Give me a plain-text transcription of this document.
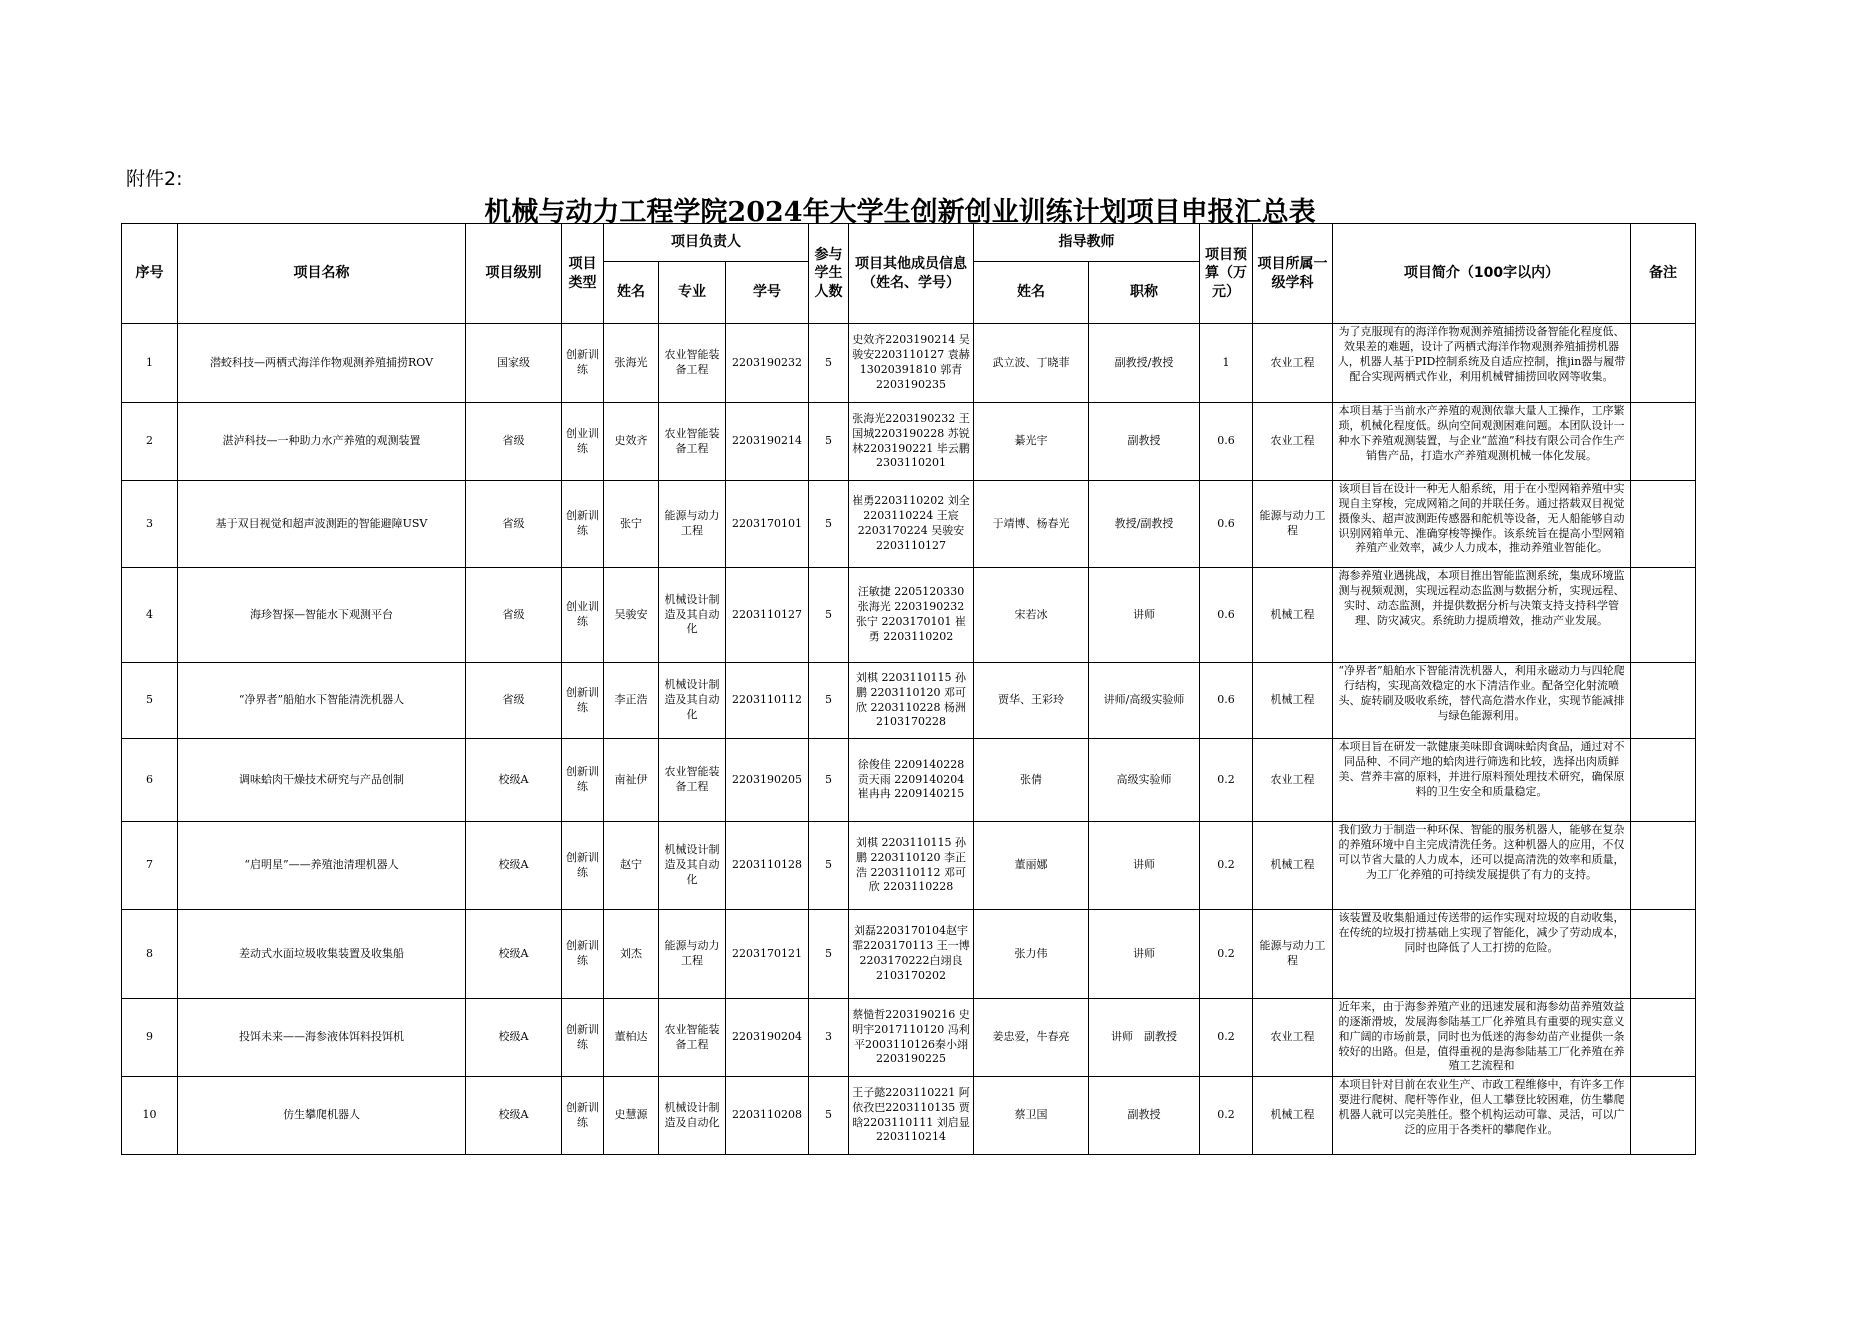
附件2:
机械与动力工程学院2024年大学生创新创业训练计划项目申报汇总表
序号	项目名称	项目级别	项目类型	项目负责人			参与学生人数	项目其他成员信息（姓名、学号）	指导教师		项目预算（万元）	项目所属一级学科	项目简介（100字以内）	备注
				姓名	专业	学号			姓名	职称				
1	潜蛟科技—两栖式海洋作物观测养殖捕捞ROV	国家级	创新训练	张海光	农业智能装备工程	2203190232	5	史效齐2203190214 吴骏安2203110127 袁赫13020391810 郭青2203190235	武立波、丁晓菲	副教授/教授	1	农业工程	为了克服现有的海洋作物观测养殖捕捞设备智能化程度低、效果差的难题，设计了两栖式海洋作物观测养殖捕捞机器人，机器人基于PID控制系统及自适应控制，推jin器与履带配合实现两栖式作业，利用机械臂捕捞回收网等收集。	

2	湛泸科技—一种助力水产养殖的观测装置	省级	创业训练	史效齐	农业智能装备工程	2203190214	5	张海光2203190232 王国城2203190228 苏锐林2203190221 毕云鹏2303110201	綦光宇	副教授	0.6	农业工程	本项目基于当前水产养殖的观测依靠大量人工操作，工序繁琐，机械化程度低。纵向空间观测困难问题。本团队设计一种水下养殖观测装置，与企业“蓝渔”科技有限公司合作生产销售产品，打造水产养殖观测机械一体化发展。	

3	基于双目视觉和超声波测距的智能避障USV	省级	创新训练	张宁	能源与动力工程	2203170101	5	崔勇2203110202 刘全2203110224 王宸2203170224 吴骏安2203110127	于靖博、杨春光	教授/副教授	0.6	能源与动力工程	该项目旨在设计一种无人船系统，用于在小型网箱养殖中实现自主穿梭，完成网箱之间的并联任务。通过搭载双目视觉摄像头、超声波测距传感器和舵机等设备，无人船能够自动识别网箱单元、准确穿梭等操作。该系统旨在提高小型网箱养殖产业效率，减少人力成本，推动养殖业智能化。	

4	海珍智探—智能水下观测平台	省级	创业训练	吴骏安	机械设计制造及其自动化	2203110127	5	汪敏捷 2205120330 张海光 2203190232 张宁 2203170101 崔勇 2203110202	宋若冰	讲师	0.6	机械工程	海参养殖业遇挑战，本项目推出智能监测系统，集成环境监测与视频观测，实现远程动态监测与数据分析，实现远程、实时、动态监测，并提供数据分析与决策支持支持科学管理、防灾减灾。系统助力提质增效，推动产业发展。	

5	“净界者”船舶水下智能清洗机器人	省级	创新训练	李正浩	机械设计制造及其自动化	2203110112	5	刘棋 2203110115 孙鹏 2203110120 邓可欣 2203110228 杨洲 2103170228	贾华、王彩玲	讲师/高级实验师	0.6	机械工程	“净界者”船舶水下智能清洗机器人，利用永磁动力与四轮爬行结构，实现高效稳定的水下清洁作业。配备空化射流喷头、旋转刷及吸收系统，替代高危潜水作业，实现节能减排与绿色能源利用。	

6	调味蛤肉干燥技术研究与产品创制	校级A	创新训练	南祉伊	农业智能装备工程	2203190205	5	徐俊佳 2209140228 贡天雨 2209140204 崔冉冉 2209140215	张倩	高级实验师	0.2	农业工程	本项目旨在研发一款健康美味即食调味蛤肉食品，通过对不同品种、不同产地的蛤肉进行筛选和比较，选择出肉质鲜美、营养丰富的原料，并进行原料预处理技术研究，确保原料的卫生安全和质量稳定。	

7	“启明星”——养殖池清理机器人	校级A	创新训练	赵宁	机械设计制造及其自动化	2203110128	5	刘棋 2203110115 孙鹏 2203110120 李正浩 2203110112 邓可欣 2203110228	董丽娜	讲师	0.2	机械工程	我们致力于制造一种环保、智能的服务机器人，能够在复杂的养殖环境中自主完成清洗任务。这种机器人的应用，不仅可以节省大量的人力成本，还可以提高清洗的效率和质量，为工厂化养殖的可持续发展提供了有力的支持。	

8	差动式水面垃圾收集装置及收集船	校级A	创新训练	刘杰	能源与动力工程	2203170121	5	刘磊2203170104赵宇霏2203170113 王一博2203170222白翊良2103170202	张力伟	讲师	0.2	能源与动力工程	该装置及收集船通过传送带的运作实现对垃圾的自动收集，在传统的垃圾打捞基础上实现了智能化，减少了劳动成本，同时也降低了人工打捞的危险。	

9	投饵未来——海参液体饵料投饵机	校级A	创新训练	董柏达	农业智能装备工程	2203190204	3	蔡慥哲2203190216 史明宇2017110120 冯利平2003110126秦小翊2203190225	姜忠爱，牛春亮	讲师　副教授	0.2	农业工程	近年来，由于海参养殖产业的迅速发展和海参幼苗养殖效益的逐渐滑坡，发展海参陆基工厂化养殖具有重要的现实意义和广阔的市场前景，同时也为低迷的海参幼苗产业提供一条较好的出路。但是，值得重视的是海参陆基工厂化养殖在养殖工艺流程和	

10	仿生攀爬机器人	校级A	创新训练	史慧源	机械设计制造及自动化	2203110208	5	王子懿2203110221 阿依孜巴2203110135 贾晗2203110111 刘启显2203110214	蔡卫国	副教授	0.2	机械工程	本项目针对目前在农业生产、市政工程维修中，有许多工作要进行爬树、爬杆等作业，但人工攀登比较困难，仿生攀爬机器人就可以完美胜任。整个机构运动可靠、灵活，可以广泛的应用于各类杆的攀爬作业。	
